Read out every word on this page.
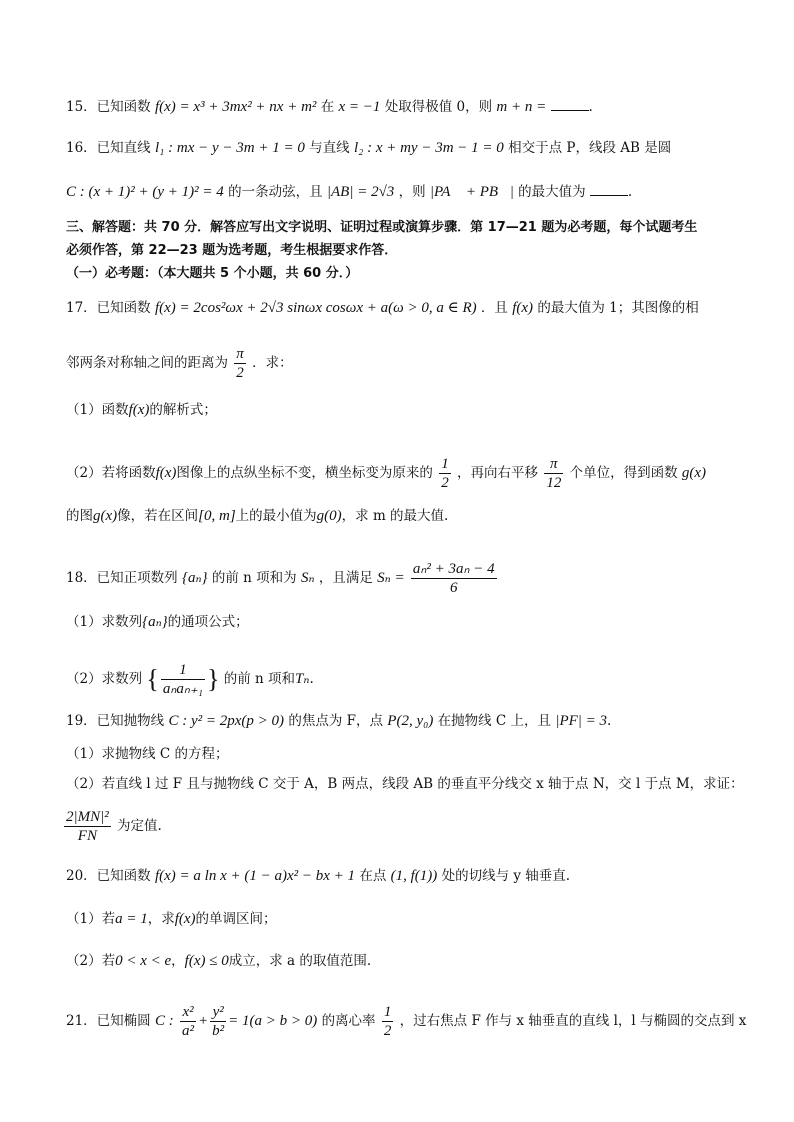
15．已知函数 f(x) = x³ + 3mx² + nx + m² 在 x = −1 处取得极值 0，则 m + n =	.
16．已知直线 l₁ : mx − y − 3m + 1 = 0 与直线 l₂ : x + my − 3m − 1 = 0 相交于点 P，线段 AB 是圆
C : (x + 1)² + (y + 1)² = 4 的一条动弦，且 |AB| = 2√3 ，则 |PA⃗ + PB⃗| 的最大值为	.
三、解答题：共 70 分．解答应写出文字说明、证明过程或演算步骤．第 17—21 题为必考题，每个试题考生
必须作答，第 22—23 题为选考题，考生根据要求作答．
（一）必考题：（本大题共 5 个小题，共 60 分．）
17．已知函数 f(x) = 2cos²ωx + 2√3 sinωx cosωx + a(ω > 0, a ∈ R) ．且 f(x) 的最大值为 1；其图像的相
邻两条对称轴之间的距离为 $\frac{\pi}{2}$ ．求：
（1）函数f(x)的解析式；
（2）若将函数f(x)图像上的点纵坐标不变，横坐标变为原来的 $\frac{1}{2}$ ，再向右平移 $\frac{\pi}{12}$ 个单位，得到函数 g(x)
的图g(x)像，若在区间[0, m]上的最小值为g(0)，求 m 的最大值.
18．已知正项数列 {aₙ} 的前 n 项和为 Sₙ ，且满足 $S_n = \frac{\text{aₙ² + 3aₙ − 4}}{6}$
（1）求数列{aₙ}的通项公式；
（2）求数列 { $\frac{1}{\text{aₙaₙ₊₁}}$ } 的前 n 项和Tₙ.
19．已知抛物线 C : y² = 2px(p > 0) 的焦点为 F，点 P(2, y₀) 在抛物线 C 上，且 |PF| = 3.
（1）求抛物线 C 的方程；
（2）若直线 l 过 F 且与抛物线 C 交于 A，B 两点，线段 AB 的垂直平分线交 x 轴于点 N，交 l 于点 M，求证：
$\frac{\text{2|MN|²}}{FN}$ 为定值.
20．已知函数 f(x) = a ln x + (1 − a)x² − bx + 1 在点 (1, f(1)) 处的切线与 y 轴垂直.
（1）若a = 1，求f(x)的单调区间；
（2）若0 < x < e，f(x) ≤ 0成立，求 a 的取值范围.
21．已知椭圆 C : $\frac{\text{x²}}{\text{a²}} + \frac{\text{y²}}{\text{b²}} = 1(a > b > 0)$ 的离心率 $\frac{1}{2}$ ，过右焦点 F 作与 x 轴垂直的直线 l，l 与椭圆的交点到 x
